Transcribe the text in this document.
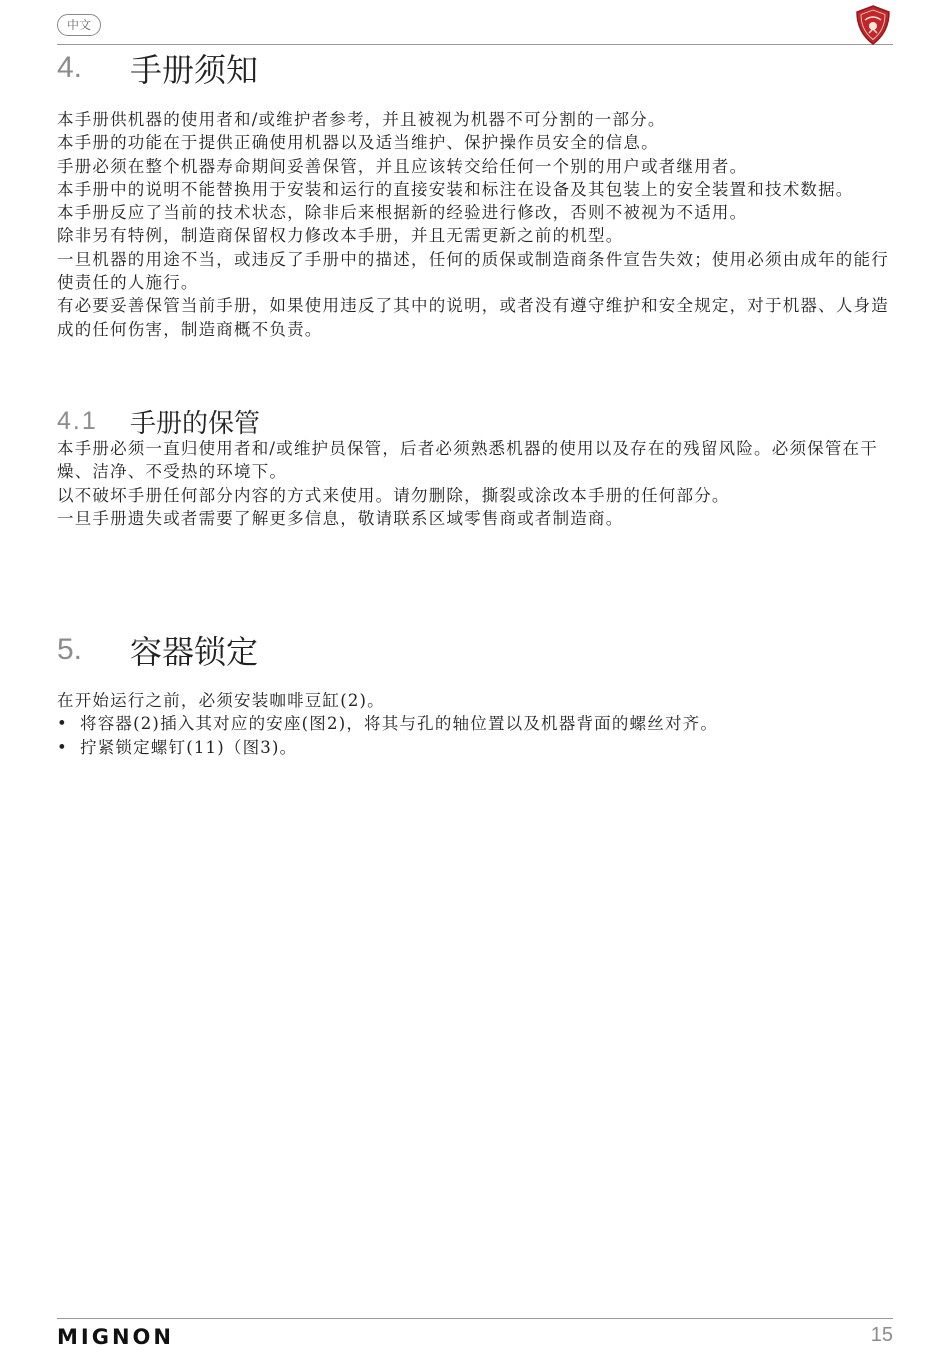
中文
4.	手册须知

本手册供机器的使用者和/或维护者参考，并且被视为机器不可分割的一部分。

本手册的功能在于提供正确使用机器以及适当维护、保护操作员安全的信息。

手册必须在整个机器寿命期间妥善保管，并且应该转交给任何一个别的用户或者继用者。

本手册中的说明不能替换用于安装和运行的直接安装和标注在设备及其包装上的安全装置和技术数据。

本手册反应了当前的技术状态，除非后来根据新的经验进行修改，否则不被视为不适用。

除非另有特例，制造商保留权力修改本手册，并且无需更新之前的机型。

一旦机器的用途不当，或违反了手册中的描述，任何的质保或制造商条件宣告失效；使用必须由成年的能行使责任的人施行。

有必要妥善保管当前手册，如果使用违反了其中的说明，或者没有遵守维护和安全规定，对于机器、人身造成的任何伤害，制造商概不负责。

4.1	手册的保管

本手册必须一直归使用者和/或维护员保管，后者必须熟悉机器的使用以及存在的残留风险。必须保管在干燥、洁净、不受热的环境下。

以不破坏手册任何部分内容的方式来使用。请勿删除，撕裂或涂改本手册的任何部分。

一旦手册遗失或者需要了解更多信息，敬请联系区域零售商或者制造商。

5.	容器锁定

在开始运行之前，必须安装咖啡豆缸(2)。

• 将容器(2)插入其对应的安座(图2)，将其与孔的轴位置以及机器背面的螺丝对齐。
• 拧紧锁定螺钉(11)（图3)。
MIGNON	15
